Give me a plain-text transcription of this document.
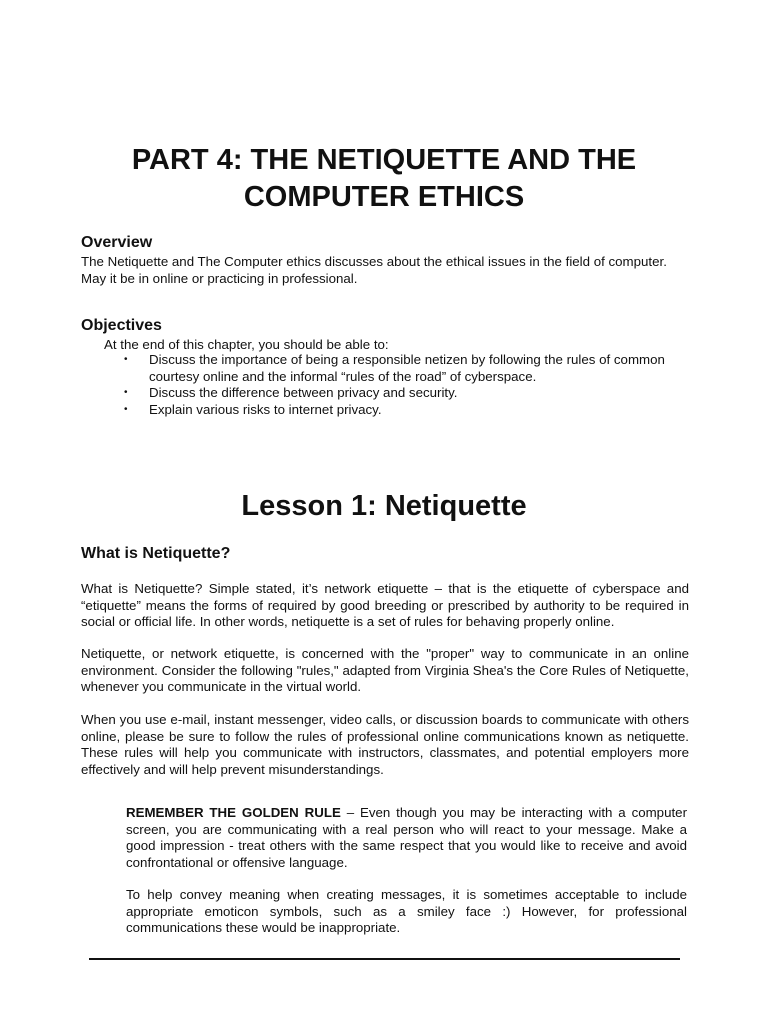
PART 4: THE NETIQUETTE AND THE
COMPUTER ETHICS
Overview

The Netiquette and The Computer ethics discusses about the ethical issues in the field of computer. May it be in online or practicing in professional.

Objectives

At the end of this chapter, you should be able to:

• Discuss the importance of being a responsible netizen by following the rules of common courtesy online and the informal “rules of the road” of cyberspace.
• Discuss the difference between privacy and security.
• Explain various risks to internet privacy.
Lesson 1: Netiquette
What is Netiquette?

What is Netiquette? Simple stated, it’s network etiquette – that is the etiquette of cyberspace and “etiquette” means the forms of required by good breeding or prescribed by authority to be required in social or official life. In other words, netiquette is a set of rules for behaving properly online.

Netiquette, or network etiquette, is concerned with the "proper" way to communicate in an online environment. Consider the following "rules," adapted from Virginia Shea's the Core Rules of Netiquette, whenever you communicate in the virtual world.

When you use e-mail, instant messenger, video calls, or discussion boards to communicate with others online, please be sure to follow the rules of professional online communications known as netiquette. These rules will help you communicate with instructors, classmates, and potential employers more effectively and will help prevent misunderstandings.

REMEMBER THE GOLDEN RULE – Even though you may be interacting with a computer screen, you are communicating with a real person who will react to your message. Make a good impression - treat others with the same respect that you would like to receive and avoid confrontational or offensive language.

To help convey meaning when creating messages, it is sometimes acceptable to include appropriate emoticon symbols, such as a smiley face :) However, for professional communications these would be inappropriate.
